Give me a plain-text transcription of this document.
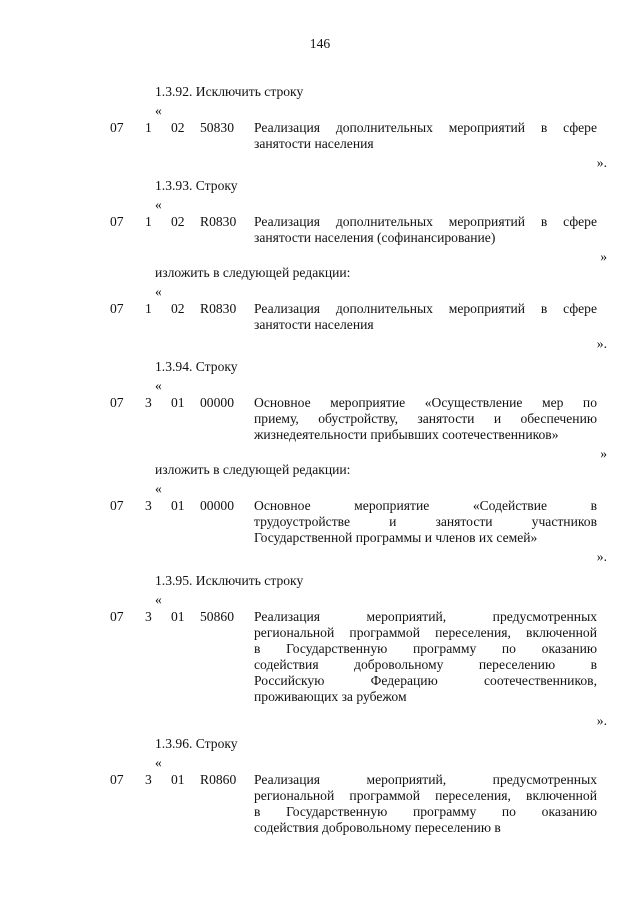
146
1.3.92. Исключить строку
«
07 1 02 50830 Реализация дополнительных мероприятий в сфере
занятости населения
».
1.3.93. Строку
«
07 1 02 R0830 Реализация дополнительных мероприятий в сфере
занятости населения (софинансирование)
»
изложить в следующей редакции:
«
07 1 02 R0830 Реализация дополнительных мероприятий в сфере
занятости населения
».
1.3.94. Строку
«
07 3 01 00000 Основное мероприятие «Осуществление мер по
приему, обустройству, занятости и обеспечению
жизнедеятельности прибывших соотечественников»
»
изложить в следующей редакции:
«
07 3 01 00000 Основное мероприятие «Содействие в
трудоустройстве и занятости участников
Государственной программы и членов их семей»
».
1.3.95. Исключить строку
«
07 3 01 50860 Реализация мероприятий, предусмотренных
региональной программой переселения, включенной
в Государственную программу по оказанию
содействия добровольному переселению в
Российскую Федерацию соотечественников,
проживающих за рубежом
».
1.3.96. Строку
«
07 3 01 R0860 Реализация мероприятий, предусмотренных
региональной программой переселения, включенной
в Государственную программу по оказанию
содействия добровольному переселению в
